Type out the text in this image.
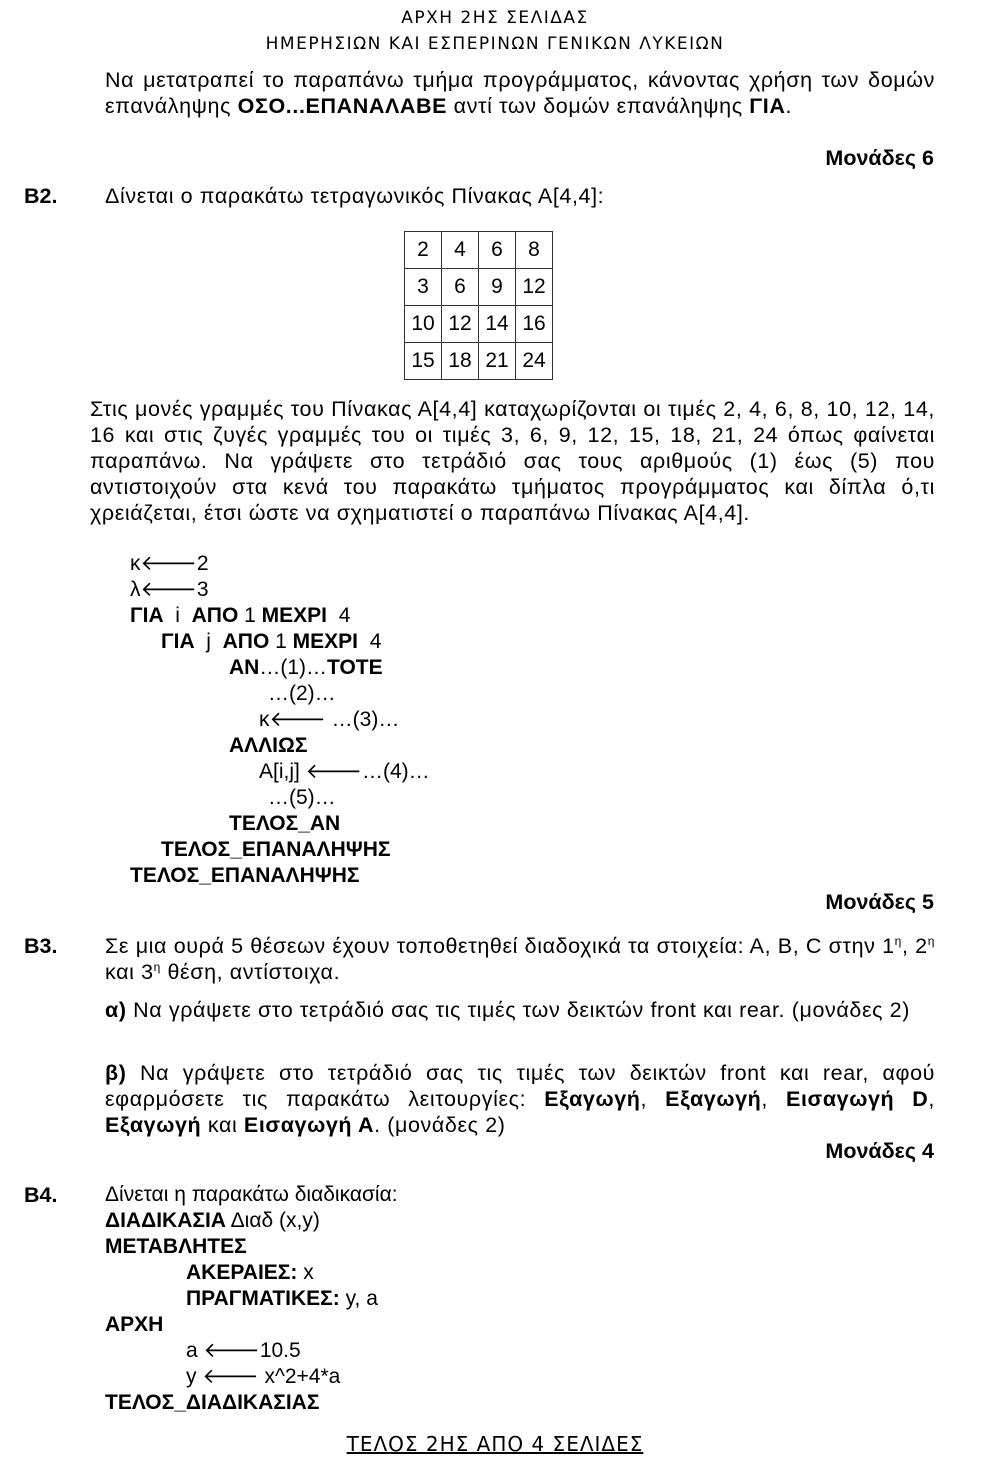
ΑΡΧΗ 2ΗΣ ΣΕΛΙΔΑΣ
ΗΜΕΡΗΣΙΩΝ ΚΑΙ ΕΣΠΕΡΙΝΩΝ ΓΕΝΙΚΩΝ ΛΥΚΕΙΩΝ
Να μετατραπεί το παραπάνω τμήμα προγράμματος, κάνοντας χρήση των δομών επανάληψης ΟΣΟ...ΕΠΑΝΑΛΑΒΕ αντί των δομών επανάληψης ΓΙΑ.
Μονάδες 6
Β2. Δίνεται ο παρακάτω τετραγωνικός Πίνακας Α[4,4]:
2	4	6	8
3	6	9	12
10	12	14	16
15	18	21	24
Στις μονές γραμμές του Πίνακας Α[4,4] καταχωρίζονται οι τιμές 2, 4, 6, 8, 10, 12, 14, 16 και στις ζυγές γραμμές του οι τιμές 3, 6, 9, 12, 15, 18, 21, 24 όπως φαίνεται παραπάνω. Να γράψετε στο τετράδιό σας τους αριθμούς (1) έως (5) που αντιστοιχούν στα κενά του παρακάτω τμήματος προγράμματος και δίπλα ό,τι χρειάζεται, έτσι ώστε να σχηματιστεί ο παραπάνω Πίνακας Α[4,4].
κ🡐2
λ🡐3
ΓΙΑ  i  ΑΠΟ 1 ΜΕΧΡΙ  4
ΓΙΑ  j  ΑΠΟ 1 ΜΕΧΡΙ  4
ΑΝ…(1)…ΤΟΤΕ
…(2)…
κ🡐 …(3)…
ΑΛΛΙΩΣ
Α[i,j] 🡐…(4)…
…(5)…
ΤΕΛΟΣ_ΑΝ
ΤΕΛΟΣ_ΕΠΑΝΑΛΗΨΗΣ
ΤΕΛΟΣ_ΕΠΑΝΑΛΗΨΗΣ
Μονάδες 5
Β3. Σε μια ουρά 5 θέσεων έχουν τοποθετηθεί διαδοχικά τα στοιχεία: Α, Β, C στην $1^\eta$, $2^\eta$ και $3^\eta$ θέση, αντίστοιχα.
α) Να γράψετε στο τετράδιό σας τις τιμές των δεικτών front και rear. (μονάδες 2)
β) Να γράψετε στο τετράδιό σας τις τιμές των δεικτών front και rear, αφού εφαρμόσετε τις παρακάτω λειτουργίες: Εξαγωγή, Εξαγωγή, Εισαγωγή D, Εξαγωγή και Εισαγωγή Α. (μονάδες 2)
Μονάδες 4
Β4. Δίνεται η παρακάτω διαδικασία:
ΔΙΑΔΙΚΑΣΙΑ Διαδ (x,y)
ΜΕΤΑΒΛΗΤΕΣ
ΑΚΕΡΑΙΕΣ: x
ΠΡΑΓΜΑΤΙΚΕΣ: y, a
ΑΡΧΗ
a 🡐10.5
y 🡐 x^2+4*a
ΤΕΛΟΣ_ΔΙΑΔΙΚΑΣΙΑΣ
ΤΕΛΟΣ 2ΗΣ ΑΠΟ 4 ΣΕΛΙΔΕΣ
